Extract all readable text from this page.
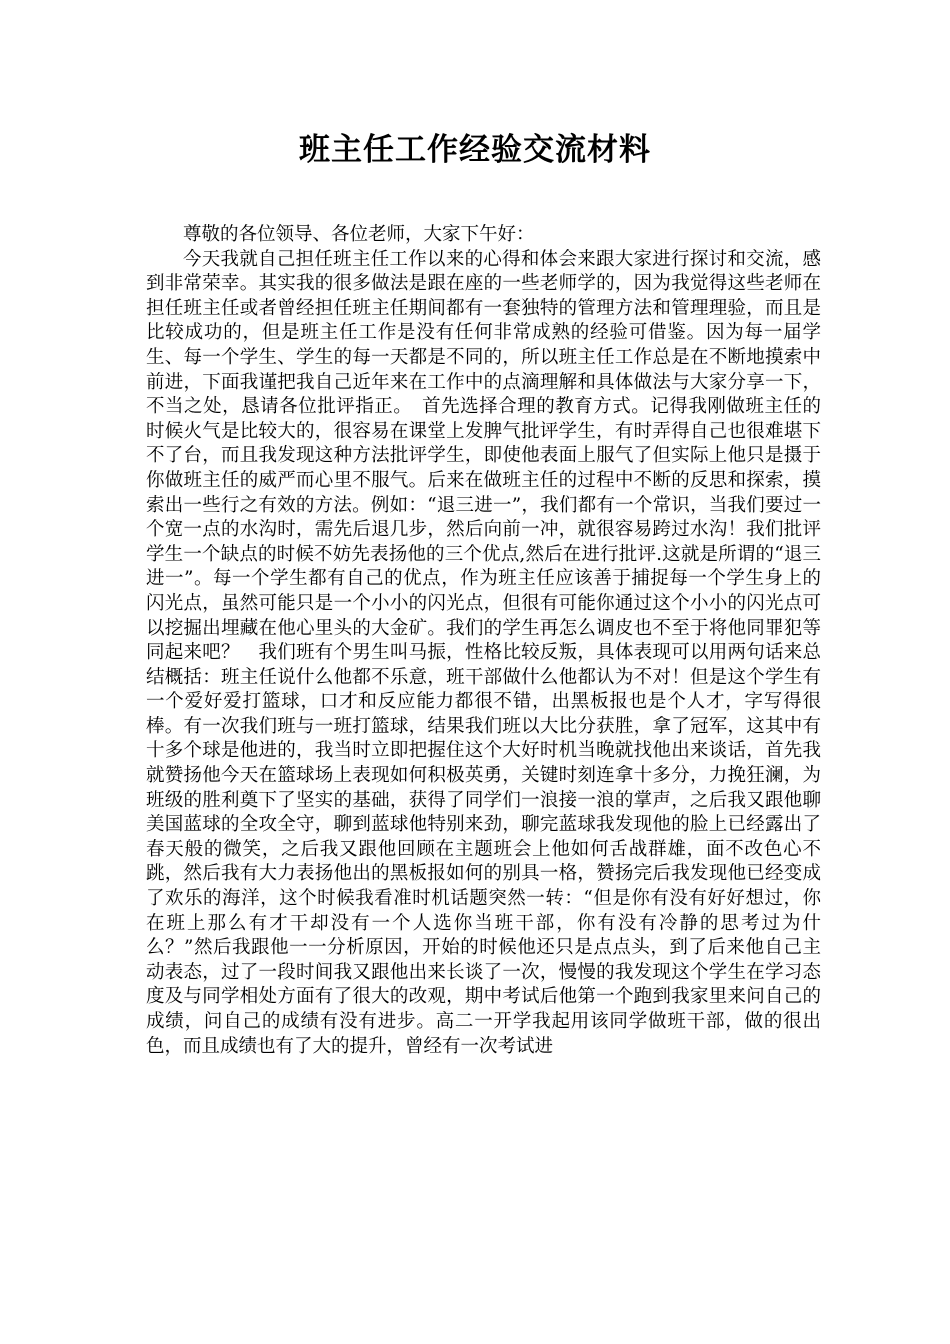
班主任工作经验交流材料

尊敬的各位领导、各位老师，大家下午好：

今天我就自己担任班主任工作以来的心得和体会来跟大家进行探讨和交流，感到非常荣幸。其实我的很多做法是跟在座的一些老师学的，因为我觉得这些老师在担任班主任或者曾经担任班主任期间都有一套独特的管理方法和管理理验，而且是比较成功的，但是班主任工作是没有任何非常成熟的经验可借鉴。因为每一届学生、每一个学生、学生的每一天都是不同的，所以班主任工作总是在不断地摸索中前进，下面我谨把我自己近年来在工作中的点滴理解和具体做法与大家分享一下，不当之处，恳请各位批评指正。　首先选择合理的教育方式。记得我刚做班主任的时候火气是比较大的，很容易在课堂上发脾气批评学生，有时弄得自己也很难堪下不了台，而且我发现这种方法批评学生，即使他表面上服气了但实际上他只是摄于你做班主任的威严而心里不服气。后来在做班主任的过程中不断的反思和探索，摸索出一些行之有效的方法。例如：“退三进一”，我们都有一个常识，当我们要过一个宽一点的水沟时，需先后退几步，然后向前一冲，就很容易跨过水沟！我们批评学生一个缺点的时候不妨先表扬他的三个优点,然后在进行批评.这就是所谓的“退三进一”。每一个学生都有自己的优点，作为班主任应该善于捕捉每一个学生身上的闪光点，虽然可能只是一个小小的闪光点，但很有可能你通过这个小小的闪光点可以挖掘出埋藏在他心里头的大金矿。我们的学生再怎么调皮也不至于将他同罪犯等同起来吧？　我们班有个男生叫马振，性格比较反叛，具体表现可以用两句话来总结概括：班主任说什么他都不乐意，班干部做什么他都认为不对！但是这个学生有一个爱好爱打篮球，口才和反应能力都很不错，出黑板报也是个人才，字写得很棒。有一次我们班与一班打篮球，结果我们班以大比分获胜，拿了冠军，这其中有十多个球是他进的，我当时立即把握住这个大好时机当晚就找他出来谈话，首先我就赞扬他今天在篮球场上表现如何积极英勇，关键时刻连拿十多分，力挽狂澜，为班级的胜利奠下了坚实的基础，获得了同学们一浪接一浪的掌声，之后我又跟他聊美国蓝球的全攻全守，聊到蓝球他特别来劲，聊完蓝球我发现他的脸上已经露出了春天般的微笑，之后我又跟他回顾在主题班会上他如何舌战群雄，面不改色心不跳，然后我有大力表扬他出的黑板报如何的别具一格，赞扬完后我发现他已经变成了欢乐的海洋，这个时候我看准时机话题突然一转：“但是你有没有好好想过，你在班上那么有才干却没有一个人选你当班干部，你有没有冷静的思考过为什么？”然后我跟他一一分析原因，开始的时候他还只是点点头，到了后来他自己主动表态，过了一段时间我又跟他出来长谈了一次，慢慢的我发现这个学生在学习态度及与同学相处方面有了很大的改观，期中考试后他第一个跑到我家里来问自己的成绩，问自己的成绩有没有进步。高二一开学我起用该同学做班干部，做的很出色，而且成绩也有了大的提升，曾经有一次考试进
